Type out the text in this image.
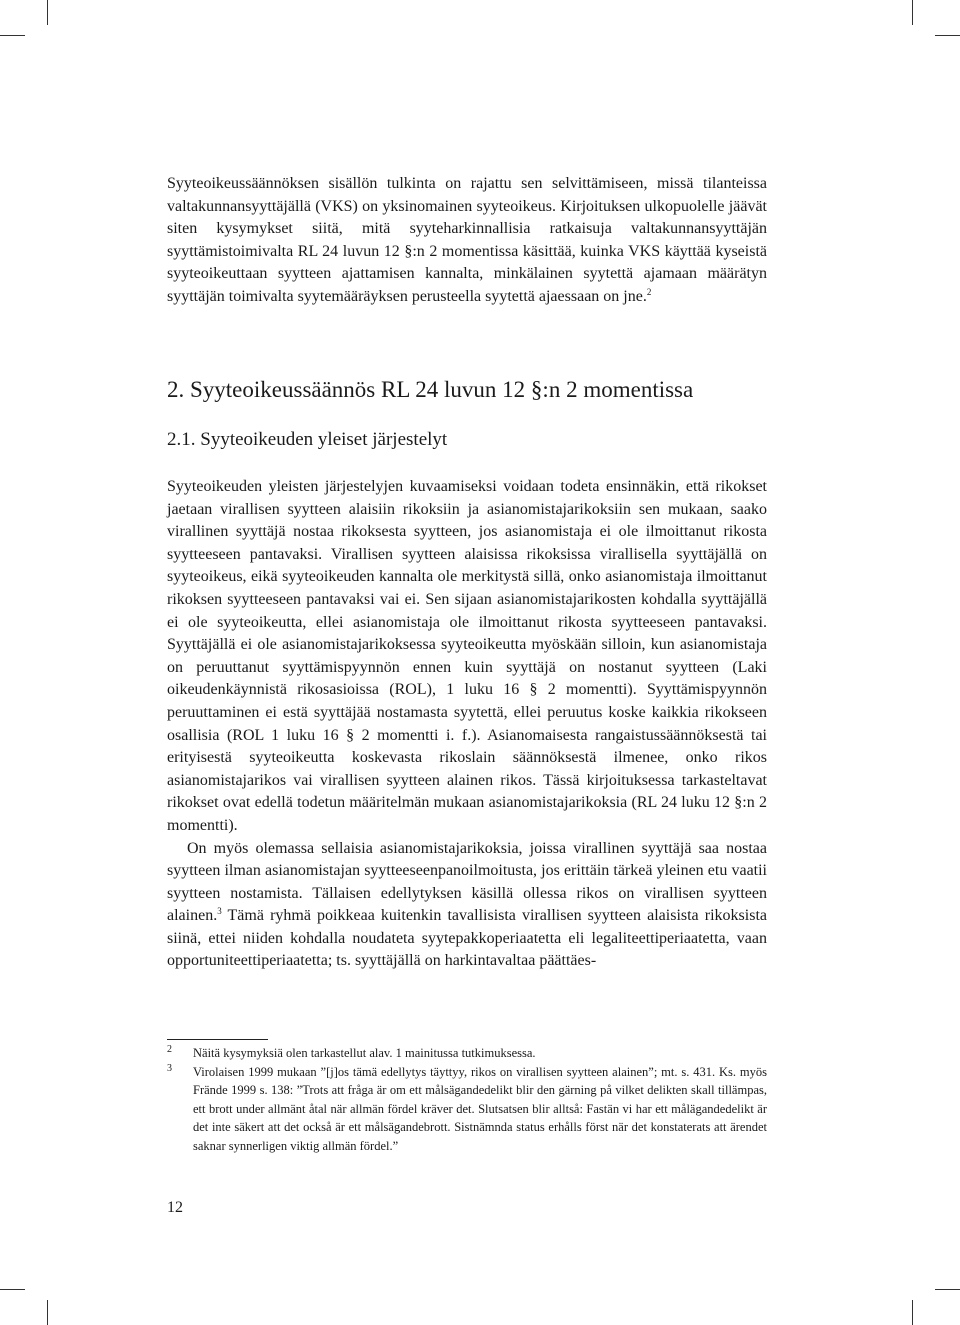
Syyteoikeussäännöksen sisällön tulkinta on rajattu sen selvittämiseen, missä tilanteissa valtakunnansyyttäjällä (VKS) on yksinomainen syyteoikeus. Kirjoituksen ulkopuolelle jäävät siten kysymykset siitä, mitä syyteharkinnallisia ratkaisuja valtakunnansyyttäjän syyttämistoimivalta RL 24 luvun 12 §:n 2 momentissa käsittää, kuinka VKS käyttää kyseistä syyteoikeuttaan syytteen ajattamisen kannalta, minkälainen syytettä ajamaan määrätyn syyttäjän toimivalta syytemääräyksen perusteella syytettä ajaessaan on jne.$^2$

2. Syyteoikeussäännös RL 24 luvun 12 §:n 2 momentissa
2.1. Syyteoikeuden yleiset järjestelyt

Syyteoikeuden yleisten järjestelyjen kuvaamiseksi voidaan todeta ensinnäkin, että rikokset jaetaan virallisen syytteen alaisiin rikoksiin ja asianomistajarikoksiin sen mukaan, saako virallinen syyttäjä nostaa rikoksesta syytteen, jos asianomistaja ei ole ilmoittanut rikosta syytteeseen pantavaksi. Virallisen syytteen alaisissa rikoksissa virallisella syyttäjällä on syyteoikeus, eikä syyteoikeuden kannalta ole merkitystä sillä, onko asianomistaja ilmoittanut rikoksen syytteeseen pantavaksi vai ei. Sen sijaan asianomistajarikosten kohdalla syyttäjällä ei ole syyteoikeutta, ellei asianomistaja ole ilmoittanut rikosta syytteeseen pantavaksi. Syyttäjällä ei ole asianomistajarikoksessa syyteoikeutta myöskään silloin, kun asianomistaja on peruuttanut syyttämispyynnön ennen kuin syyttäjä on nostanut syytteen (Laki oikeudenkäynnistä rikosasioissa (ROL), 1 luku 16 § 2 momentti). Syyttämispyynnön peruuttaminen ei estä syyttäjää nostamasta syytettä, ellei peruutus koske kaikkia rikokseen osallisia (ROL 1 luku 16 § 2 momentti i. f.). Asianomaisesta rangaistussäännöksestä tai erityisestä syyteoikeutta koskevasta rikoslain säännöksestä ilmenee, onko rikos asianomistajarikos vai virallisen syytteen alainen rikos. Tässä kirjoituksessa tarkasteltavat rikokset ovat edellä todetun määritelmän mukaan asianomistajarikoksia (RL 24 luku 12 §:n 2 momentti).

On myös olemassa sellaisia asianomistajarikoksia, joissa virallinen syyttäjä saa nostaa syytteen ilman asianomistajan syytteeseenpanoilmoitusta, jos erittäin tärkeä yleinen etu vaatii syytteen nostamista. Tällaisen edellytyksen käsillä ollessa rikos on virallisen syytteen alainen.$^3$ Tämä ryhmä poikkeaa kuitenkin tavallisista virallisen syytteen alaisista rikoksista siinä, ettei niiden kohdalla noudateta syytepakkoperiaatetta eli legaliteettiperiaatetta, vaan opportuniteettiperiaatetta; ts. syyttäjällä on harkintavaltaa päättäes-

2	Näitä kysymyksiä olen tarkastellut alav. 1 mainitussa tutkimuksessa.
3	Virolaisen 1999 mukaan ”[j]os tämä edellytys täyttyy, rikos on virallisen syytteen alainen”; mt. s. 431. Ks. myös Frände 1999 s. 138: ”Trots att fråga är om ett målsägandedelikt blir den gärning på vilket delikten skall tillämpas, ett brott under allmänt åtal när allmän fördel kräver det. Slutsatsen blir alltså: Fastän vi har ett målägandedelikt är det inte säkert att det också är ett målsägandebrott. Sistnämnda status erhålls först när det konstaterats att ärendet saknar synnerligen viktig allmän fördel.”
12
